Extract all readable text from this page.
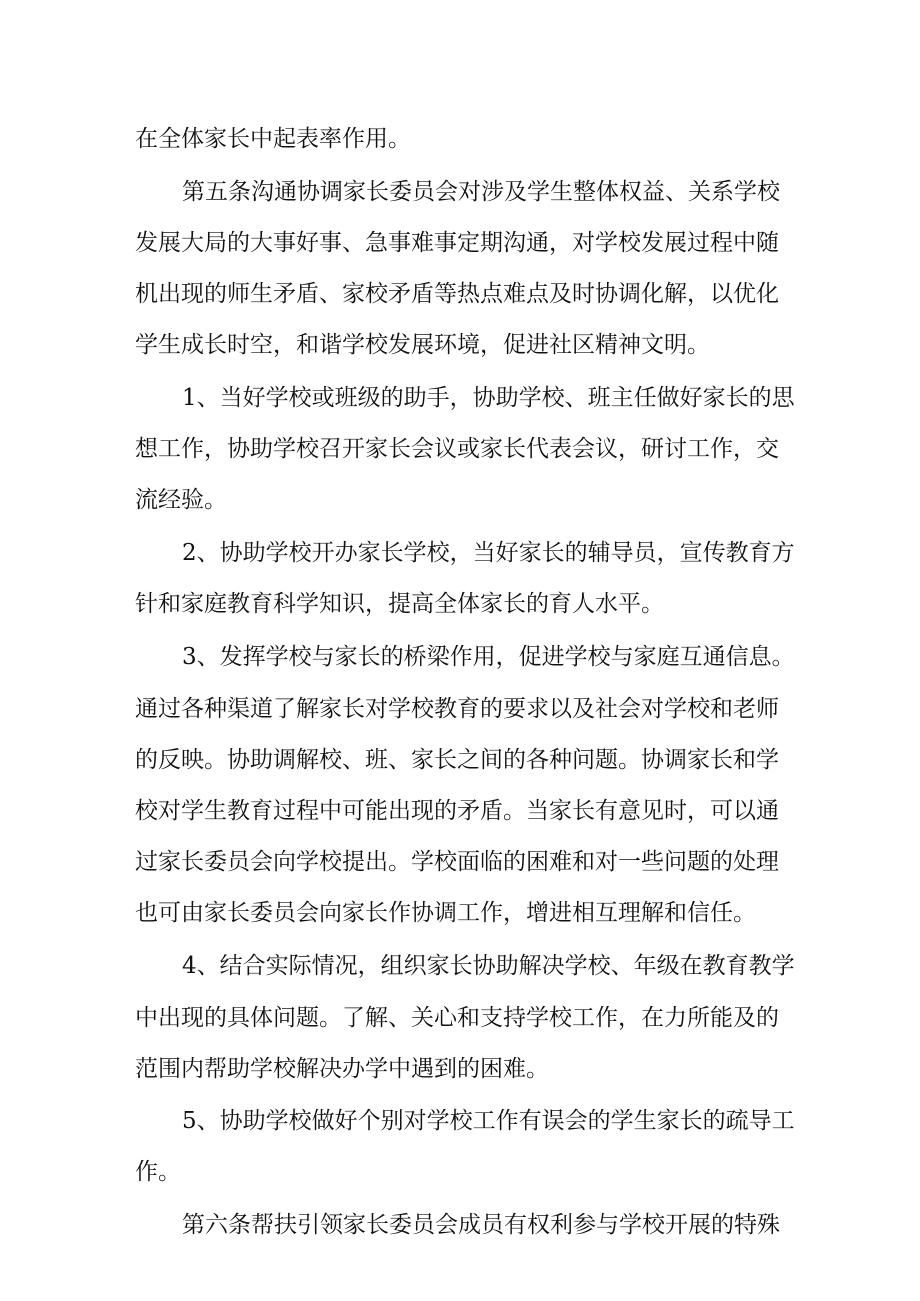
在全体家长中起表率作用。

第五条沟通协调家长委员会对涉及学生整体权益、关系学校

发展大局的大事好事、急事难事定期沟通，对学校发展过程中随

机出现的师生矛盾、家校矛盾等热点难点及时协调化解，以优化

学生成长时空，和谐学校发展环境，促进社区精神文明。

1、当好学校或班级的助手，协助学校、班主任做好家长的思

想工作，协助学校召开家长会议或家长代表会议，研讨工作，交

流经验。

2、协助学校开办家长学校，当好家长的辅导员，宣传教育方

针和家庭教育科学知识，提高全体家长的育人水平。

3、发挥学校与家长的桥梁作用，促进学校与家庭互通信息。

通过各种渠道了解家长对学校教育的要求以及社会对学校和老师

的反映。协助调解校、班、家长之间的各种问题。协调家长和学

校对学生教育过程中可能出现的矛盾。当家长有意见时，可以通

过家长委员会向学校提出。学校面临的困难和对一些问题的处理

也可由家长委员会向家长作协调工作，增进相互理解和信任。

4、结合实际情况，组织家长协助解决学校、年级在教育教学

中出现的具体问题。了解、关心和支持学校工作，在力所能及的

范围内帮助学校解决办学中遇到的困难。

5、协助学校做好个别对学校工作有误会的学生家长的疏导工

作。

第六条帮扶引领家长委员会成员有权利参与学校开展的特殊
